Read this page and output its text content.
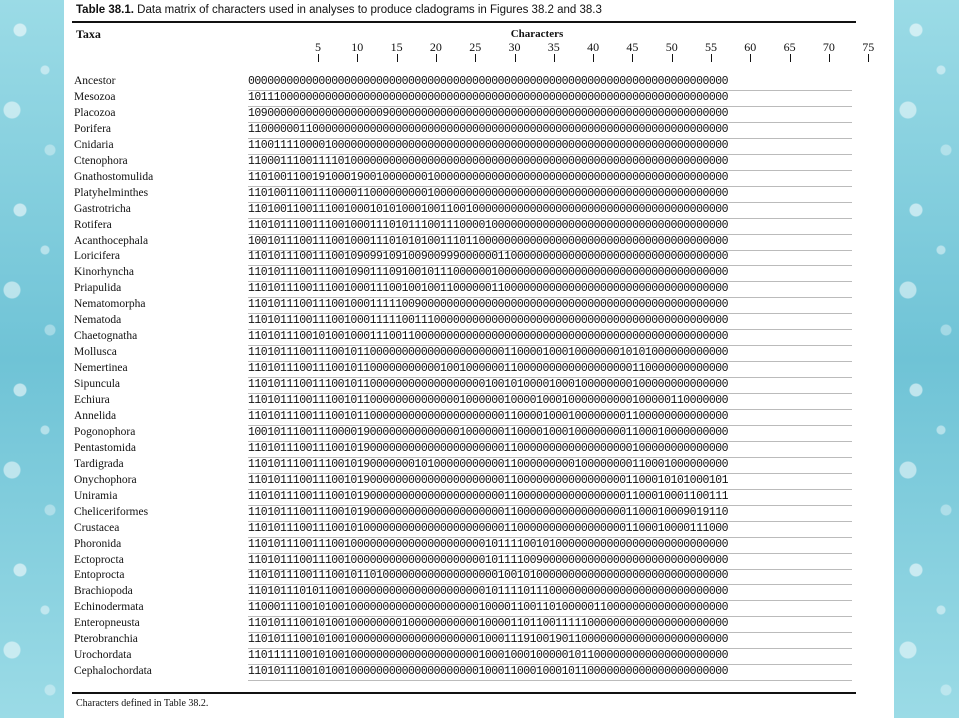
Table 38.1. Data matrix of characters used in analyses to produce cladograms in Figures 38.2 and 38.3
Taxa	Characters
5	10 15 20 25 30 35 40 45 50 55 60 65 70 75
Ancestor	000000000000000000000000000000000000000000000000000000000000000000000000000
Mesozoa	101110000000000000000000000000000000000000000000000000000000000000000000000
Placozoa	109000000000000000000900000000000000000000000000000000000000000000000000000
Porifera	110000001100000000000000000000000000000000000000000000000000000000000000000
Cnidaria	110011110000100000000000000000000000000000000000000000000000000000000000000
Ctenophora	110001110011110100000000000000000000000000000000000000000000000000000000000
Gnathostomulida	110100110019100019001000000010000000000000000000000000000000000000000000000
Platyhelminthes	110100110011100001100000000010000000000000000000000000000000000000000000000
Gastrotricha	110100110011100100010101000100110010000000000000000000000000000000000000000
Rotifera	110101110011100100011101011100111000010000000000000000000000000000000000000
Acanthocephala	100101110011100100011101010100111011000000000000000000000000000000000000000
Loricifera	110101110011100109099109100900999000000110000000000000000000000000000000000
Kinorhyncha	110101110011100109011109100101110000001000000000000000000000000000000000000
Priapulida	110101110011100100011100100100110000001100000000000000000000000000000000000
Nematomorpha	110101110011100100011111009000000000000000000000000000000000000000000000000
Nematoda	110101110011100100011111001110000000000000000000000000000000000000000000000
Chaetognatha	110101110010100100011100110000000000000000000000000000000000000000000000000
Mollusca	110101110011100101100000000000000000000011000010001000000010101000000000000
Nemertinea	110101110011100101100000000000100100000011000000000000000000110000000000000
Sipuncula	110101110011100101100000000000000000010010100001000100000000100000000000000
Echiura	110101110011100101100000000000000100000010000100010000000000100000110000000
Annelida	110101110011100101100000000000000000000011000010001000000001100000000000000
Pogonophora	100101110011100001900000000000000100000011000010001000000001100010000000000
Pentastomida	110101110011100101900000000000000000000011000000000000000000100000000000000
Tardigrada	110101110011100101900000001010000000000011000000000100000000110001000000000
Onychophora	110101110011100101900000000000000000000011000000000000000001100010101000101
Uniramia	110101110011100101900000000000000000000011000000000000000001100010001100111
Cheliceriformes	110101110011100101900000000000000000000011000000000000000001100010009019110
Crustacea	110101110011100101000000000000000000000011000000000000000001100010000111000
Phoronida	110101110011100100000000000000000000010111100101000000000000000000000000000
Ectoprocta	110101110011100100000000000000000000010111100900000000000000000000000000000
Entoprocta	110101110011100101101000000000000000000100101000000000000000000000000000000
Brachiopoda	110101110101100100000000000000000000010111101110000000000000000000000000000
Echinodermata	110001110010100100000000000000000000100001100110100000110000000000000000000
Enteropneusta	110101110010100100000000100000000000100001101100111110000000000000000000000
Pterobranchia	110101110010100100000000000000000000100011191001901100000000000000000000000
Urochordata	110111110010100100000000000000000000100010001000001011000000000000000000000
Cephalochordata	110101110010100100000000000000000000100011000100010110000000000000000000000
Characters defined in Table 38.2.
